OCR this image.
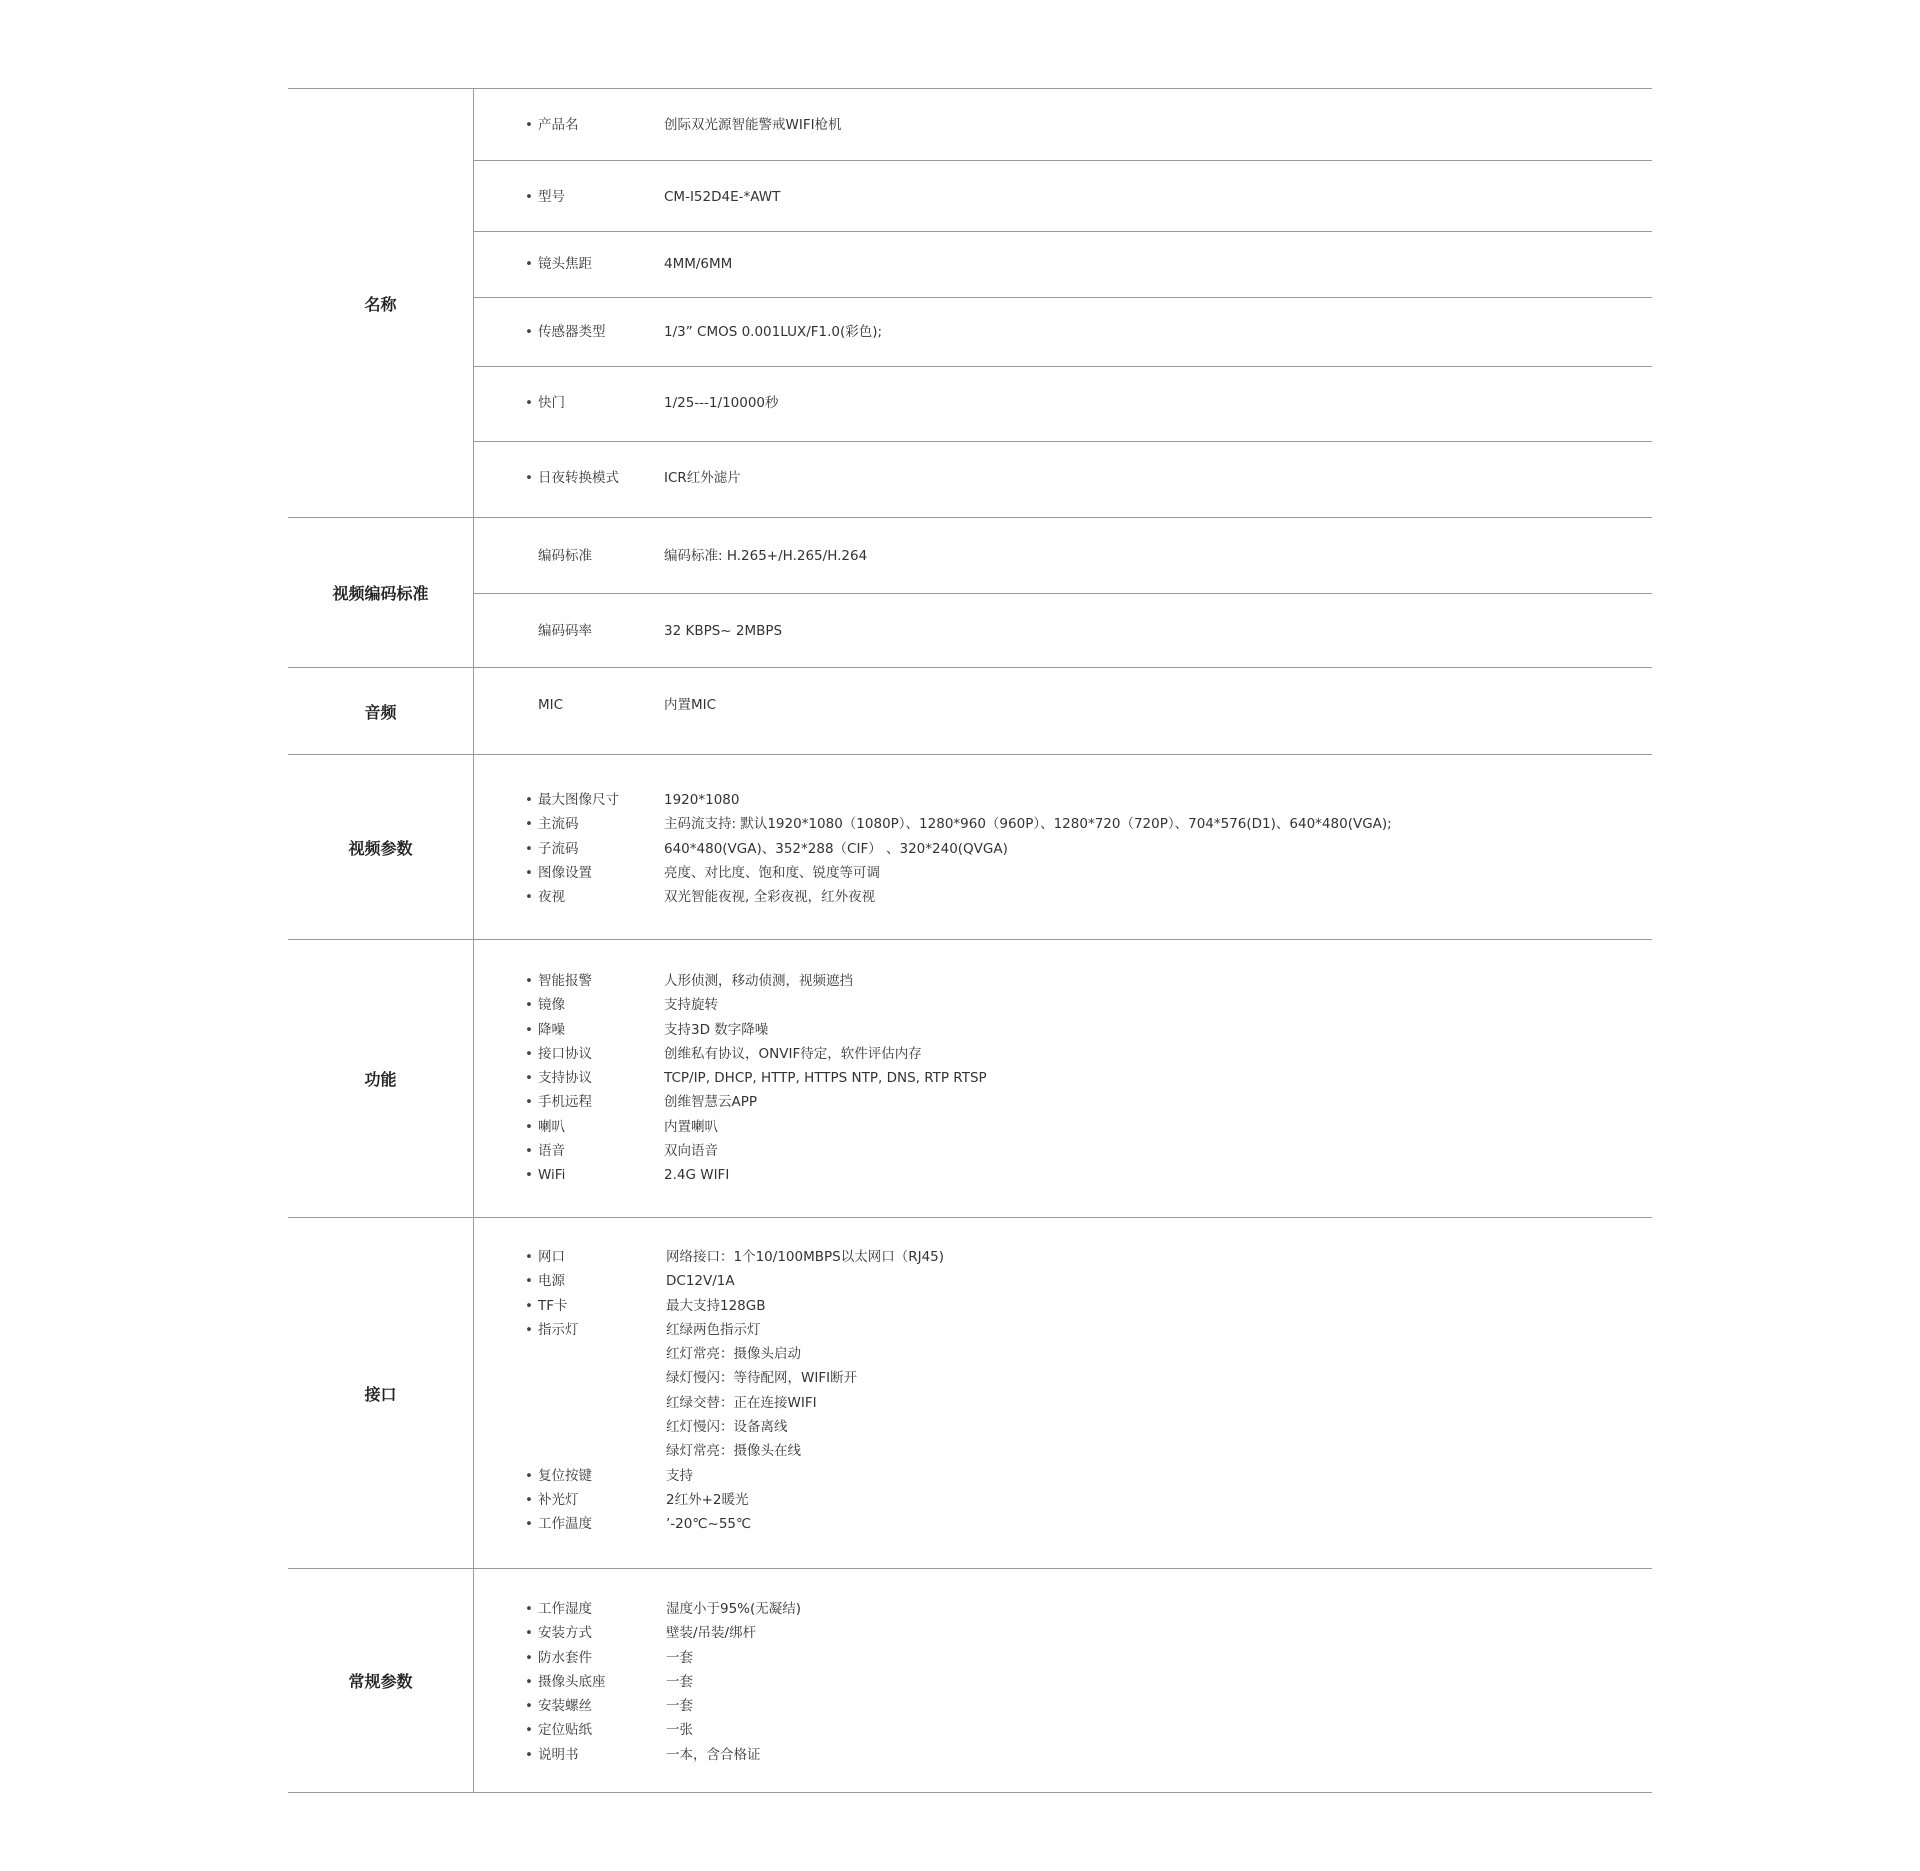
名称
• 产品名	创际双光源智能警戒WIFI枪机
• 型号	CM-I52D4E-*AWT
• 镜头焦距	4MM/6MM
• 传感器类型	1/3” CMOS 0.001LUX/F1.0(彩色);
• 快门	1/25---1/10000秒
• 日夜转换模式	ICR红外滤片
视频编码标准
编码标准	编码标准: H.265+/H.265/H.264
编码码率	32 KBPS~ 2MBPS
音频	MIC	内置MIC
视频参数
• 最大图像尺寸	1920*1080
• 主流码	主码流支持: 默认1920*1080（1080P）、1280*960（960P）、1280*720（720P）、704*576(D1)、640*480(VGA);
• 子流码	640*480(VGA)、352*288（CIF） 、320*240(QVGA)
• 图像设置	亮度、对比度、饱和度、锐度等可调
• 夜视	双光智能夜视, 全彩夜视，红外夜视
功能
• 智能报警	人形侦测，移动侦测，视频遮挡
• 镜像	支持旋转
• 降噪	支持3D 数字降噪
• 接口协议	创维私有协议，ONVIF待定，软件评估内存
• 支持协议	TCP/IP, DHCP, HTTP, HTTPS NTP, DNS, RTP RTSP
• 手机远程	创维智慧云APP
• 喇叭	内置喇叭
• 语音	双向语音
• WiFi	2.4G WIFI
接口
• 网口	网络接口：1个10/100MBPS以太网口（RJ45)
• 电源	DC12V/1A
• TF卡	最大支持128GB
• 指示灯	红绿两色指示灯
红灯常亮：摄像头启动
绿灯慢闪：等待配网，WIFI断开
红绿交替：正在连接WIFI
红灯慢闪：设备离线
绿灯常亮：摄像头在线
• 复位按键	支持
• 补光灯	2红外+2暖光
• 工作温度	’-20℃~55℃
常规参数
• 工作湿度	湿度小于95%(无凝结)
• 安装方式	壁装/吊装/绑杆
• 防水套件	一套
• 摄像头底座	一套
• 安装螺丝	一套
• 定位贴纸	一张
• 说明书	一本，含合格证
